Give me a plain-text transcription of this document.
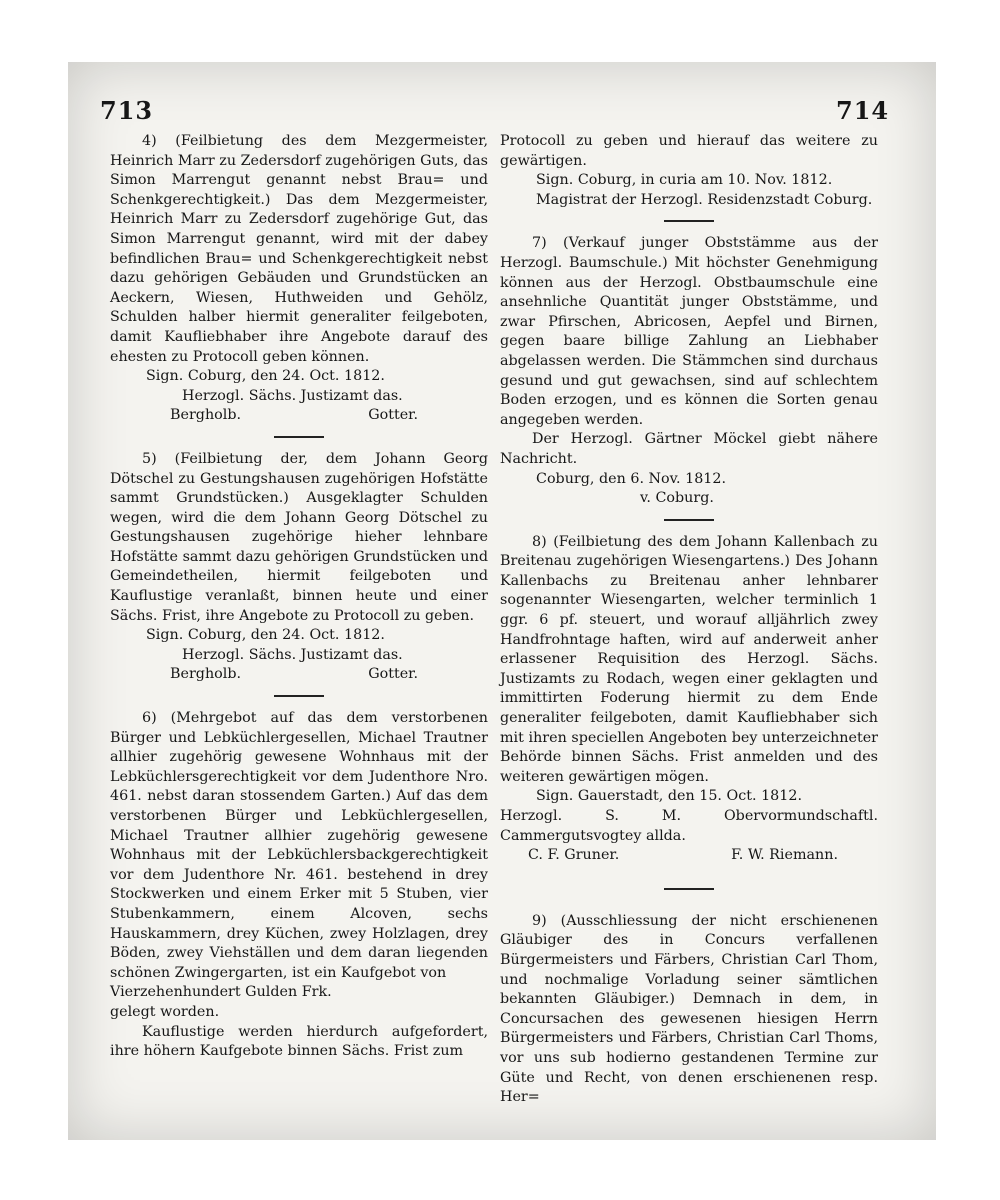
713	714

4) (Feilbietung des dem Mezgermeister, Heinrich Marr zu Zedersdorf zugehörigen Guts, das Simon Marrengut genannt nebst Brau= und Schenkgerechtigkeit.) Das dem Mezgermeister, Heinrich Marr zu Zedersdorf zugehörige Gut, das Simon Marrengut genannt, wird mit der dabey befindlichen Brau= und Schenkgerechtigkeit nebst dazu gehörigen Gebäuden und Grundstücken an Aeckern, Wiesen, Huthweiden und Gehölz, Schulden halber hiermit generaliter feilgeboten, damit Kaufliebhaber ihre Angebote darauf des ehesten zu Protocoll geben können.

Sign. Coburg, den 24. Oct. 1812.

Herzogl. Sächs. Justizamt das.

Bergholb.	Gotter.

5) (Feilbietung der, dem Johann Georg Dötschel zu Gestungshausen zugehörigen Hofstätte sammt Grundstücken.) Ausgeklagter Schulden wegen, wird die dem Johann Georg Dötschel zu Gestungshausen zugehörige hieher lehnbare Hofstätte sammt dazu gehörigen Grundstücken und Gemeindetheilen, hiermit feilgeboten und Kauflustige veranlaßt, binnen heute und einer Sächs. Frist, ihre Angebote zu Protocoll zu geben.

Sign. Coburg, den 24. Oct. 1812.

Herzogl. Sächs. Justizamt das.

Bergholb.	Gotter.

6) (Mehrgebot auf das dem verstorbenen Bürger und Lebküchlergesellen, Michael Trautner allhier zugehörig gewesene Wohnhaus mit der Lebküchlersgerechtigkeit vor dem Judenthore Nro. 461. nebst daran stossendem Garten.) Auf das dem verstorbenen Bürger und Lebküchlergesellen, Michael Trautner allhier zugehörig gewesene Wohnhaus mit der Lebküchlersbackgerechtigkeit vor dem Judenthore Nr. 461. bestehend in drey Stockwerken und einem Erker mit 5 Stuben, vier Stubenkammern, einem Alcoven, sechs Hauskammern, drey Küchen, zwey Holzlagen, drey Böden, zwey Viehställen und dem daran liegenden schönen Zwingergarten, ist ein Kaufgebot von

Vierzehenhundert Gulden Frk.

gelegt worden.

Kauflustige werden hierdurch aufgefordert, ihre höhern Kaufgebote binnen Sächs. Frist zum

Protocoll zu geben und hierauf das weitere zu gewärtigen.

Sign. Coburg, in curia am 10. Nov. 1812.

Magistrat der Herzogl. Residenzstadt Coburg.

7) (Verkauf junger Obststämme aus der Herzogl. Baumschule.) Mit höchster Genehmigung können aus der Herzogl. Obstbaumschule eine ansehnliche Quantität junger Obststämme, und zwar Pfirschen, Abricosen, Aepfel und Birnen, gegen baare billige Zahlung an Liebhaber abgelassen werden. Die Stämmchen sind durchaus gesund und gut gewachsen, sind auf schlechtem Boden erzogen, und es können die Sorten genau angegeben werden.

Der Herzogl. Gärtner Möckel giebt nähere Nachricht.

Coburg, den 6. Nov. 1812.

v. Coburg.

8) (Feilbietung des dem Johann Kallenbach zu Breitenau zugehörigen Wiesengartens.) Des Johann Kallenbachs zu Breitenau anher lehnbarer sogenannter Wiesengarten, welcher terminlich 1 ggr. 6 pf. steuert, und worauf alljährlich zwey Handfrohntage haften, wird auf anderweit anher erlassener Requisition des Herzogl. Sächs. Justizamts zu Rodach, wegen einer geklagten und immittirten Foderung hiermit zu dem Ende generaliter feilgeboten, damit Kaufliebhaber sich mit ihren speciellen Angeboten bey unterzeichneter Behörde binnen Sächs. Frist anmelden und des weiteren gewärtigen mögen.

Sign. Gauerstadt, den 15. Oct. 1812.

Herzogl. S. M. Obervormundschaftl. Cammergutsvogtey allda.

C. F. Gruner.	F. W. Riemann.

9) (Ausschliessung der nicht erschienenen Gläubiger des in Concurs verfallenen Bürgermeisters und Färbers, Christian Carl Thom, und nochmalige Vorladung seiner sämtlichen bekannten Gläubiger.) Demnach in dem, in Concursachen des gewesenen hiesigen Herrn Bürgermeisters und Färbers, Christian Carl Thoms, vor uns sub hodierno gestandenen Termine zur Güte und Recht, von denen erschienenen resp. Her=
